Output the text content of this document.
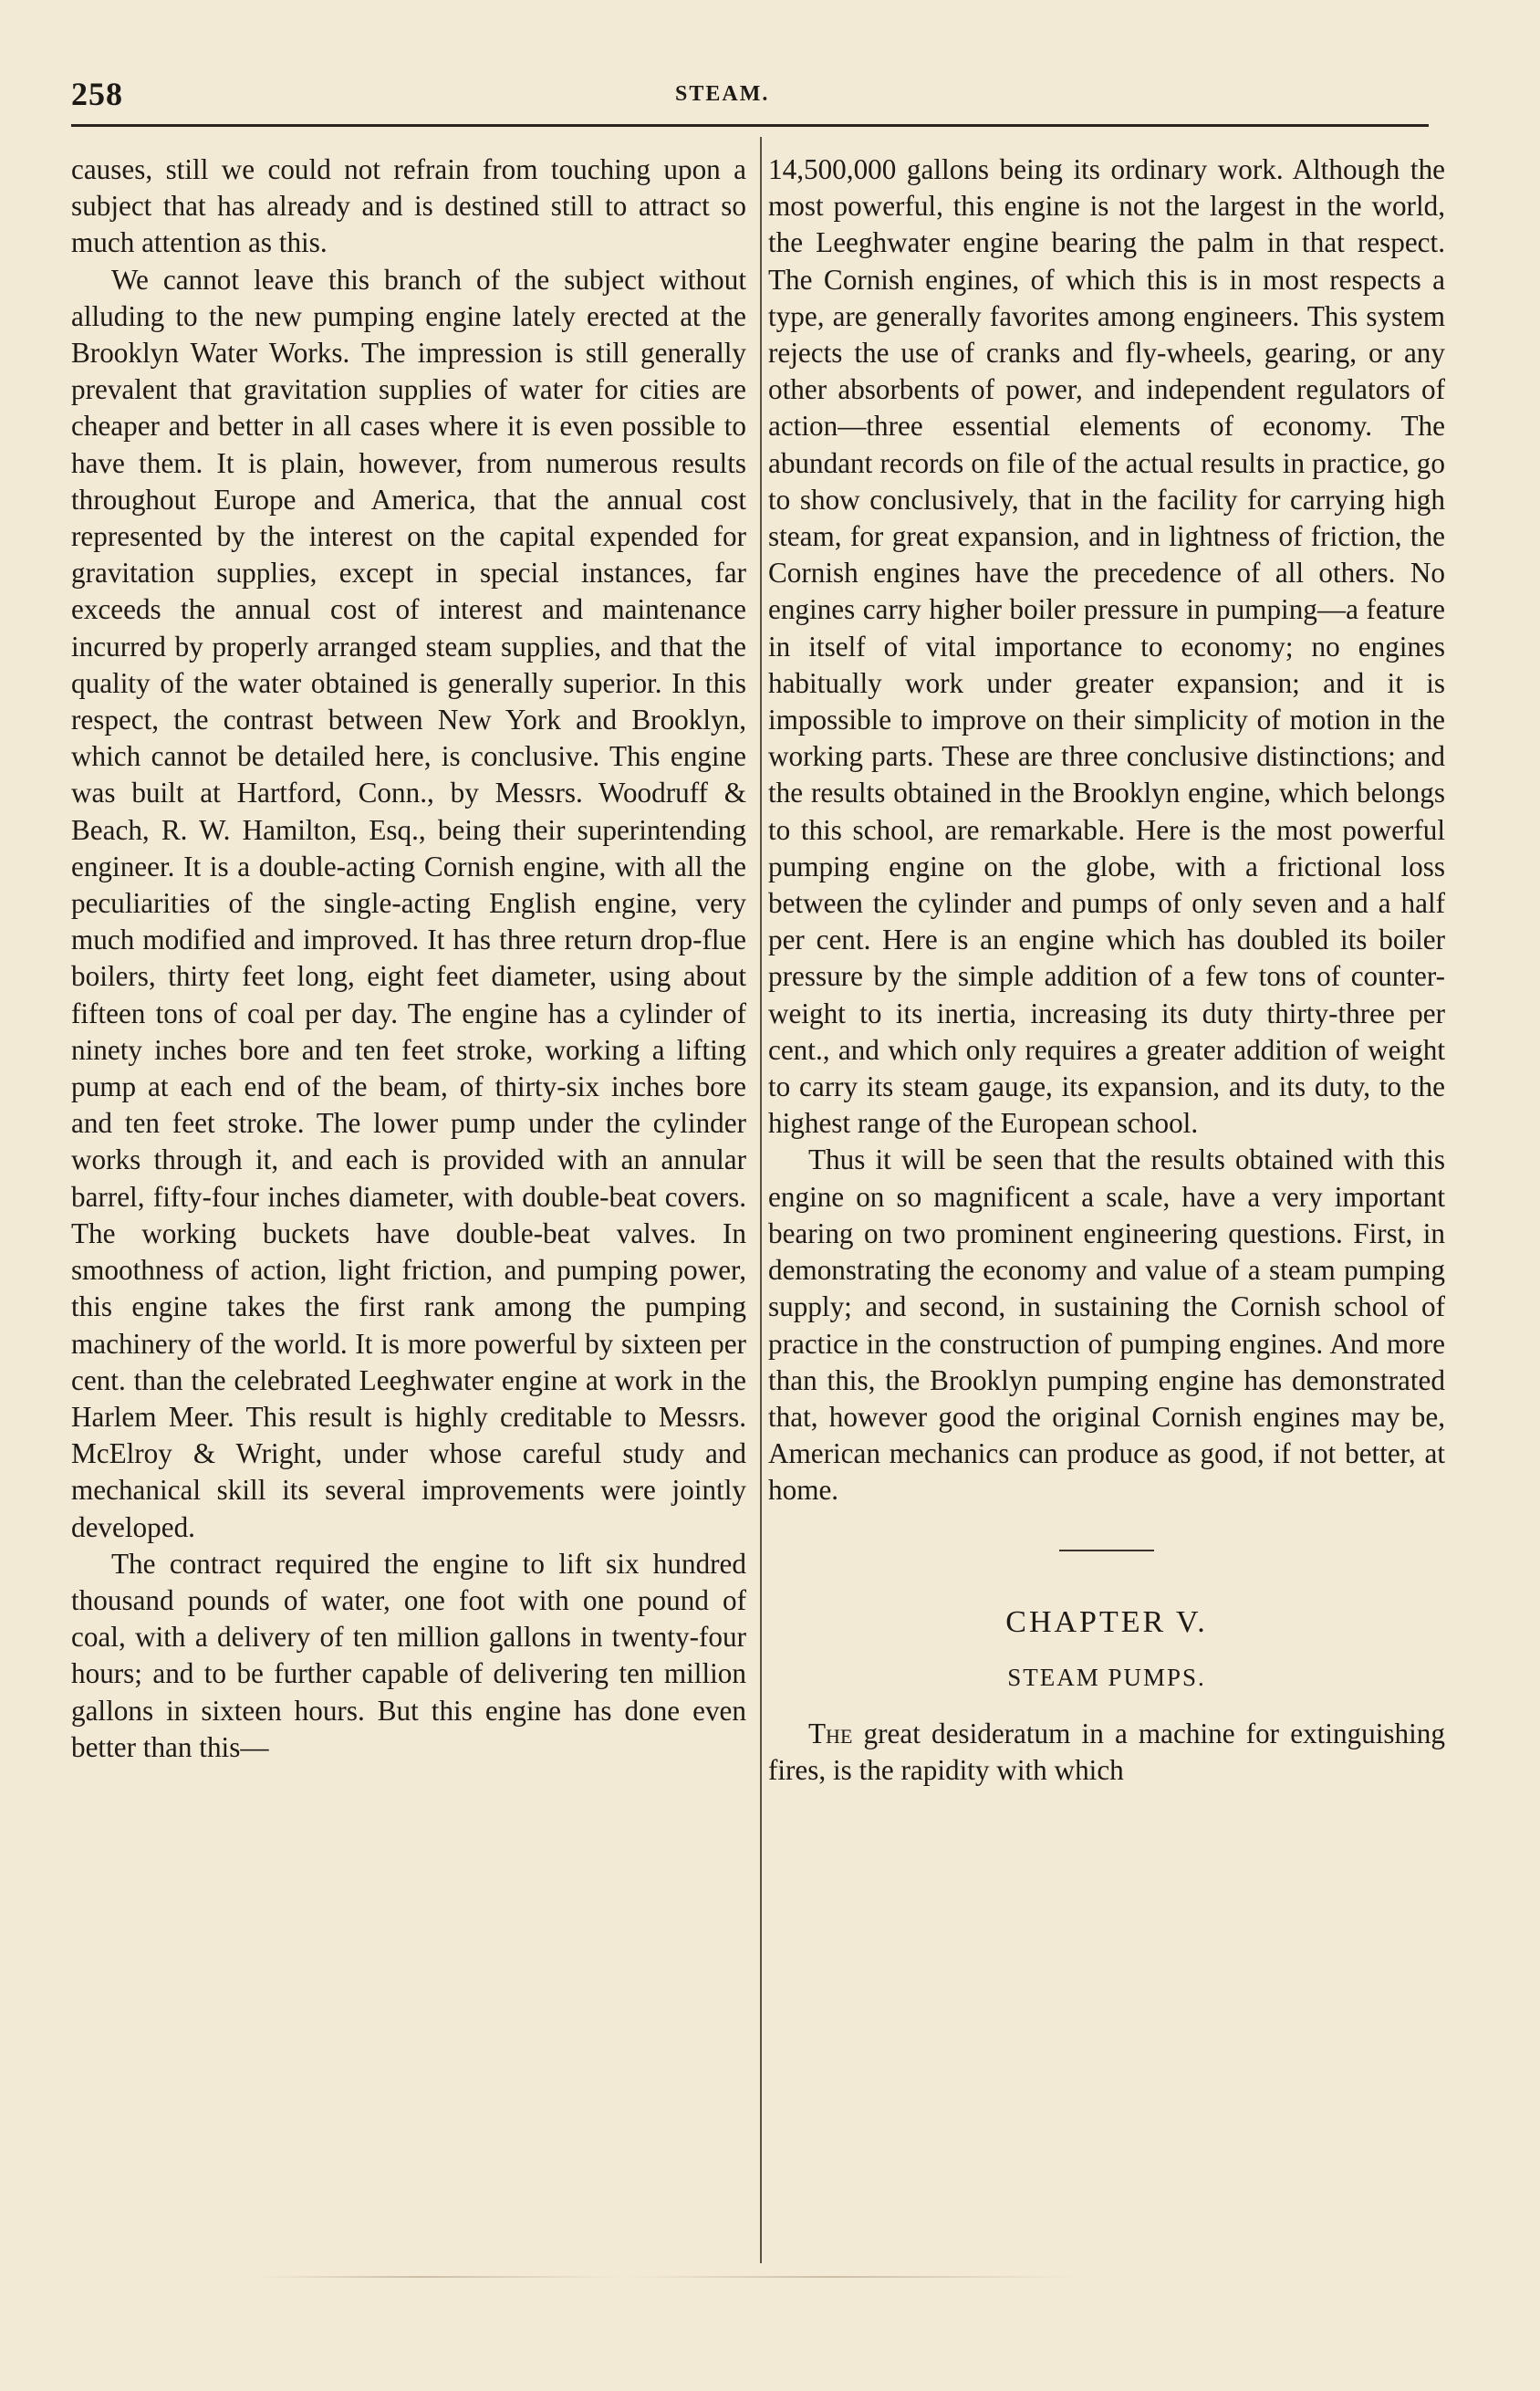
258	STEAM.

causes, still we could not refrain from touching upon a subject that has already and is destined still to attract so much attention as this.

We cannot leave this branch of the subject without alluding to the new pumping engine lately erected at the Brooklyn Water Works. The impression is still generally prevalent that gravitation supplies of water for cities are cheaper and better in all cases where it is even possible to have them. It is plain, however, from numerous results throughout Europe and America, that the annual cost represented by the interest on the capital expended for gravitation supplies, except in special instances, far exceeds the annual cost of interest and maintenance incurred by properly arranged steam supplies, and that the quality of the water obtained is generally superior. In this respect, the contrast between New York and Brooklyn, which cannot be detailed here, is conclusive. This engine was built at Hartford, Conn., by Messrs. Woodruff & Beach, R. W. Hamilton, Esq., being their superintending engineer. It is a double-acting Cornish engine, with all the peculiarities of the single-acting English engine, very much modified and improved. It has three return drop-flue boilers, thirty feet long, eight feet diameter, using about fifteen tons of coal per day. The engine has a cylinder of ninety inches bore and ten feet stroke, working a lifting pump at each end of the beam, of thirty-six inches bore and ten feet stroke. The lower pump under the cylinder works through it, and each is provided with an annular barrel, fifty-four inches diameter, with double-beat covers. The working buckets have double-beat valves. In smoothness of action, light friction, and pumping power, this engine takes the first rank among the pumping machinery of the world. It is more powerful by sixteen per cent. than the celebrated Leeghwater engine at work in the Harlem Meer. This result is highly creditable to Messrs. McElroy & Wright, under whose careful study and mechanical skill its several improvements were jointly developed.

The contract required the engine to lift six hundred thousand pounds of water, one foot with one pound of coal, with a delivery of ten million gallons in twenty-four hours; and to be further capable of delivering ten million gallons in sixteen hours. But this engine has done even better than this—

14,500,000 gallons being its ordinary work. Although the most powerful, this engine is not the largest in the world, the Leeghwater engine bearing the palm in that respect. The Cornish engines, of which this is in most respects a type, are generally favorites among engineers. This system rejects the use of cranks and fly-wheels, gearing, or any other absorbents of power, and independent regulators of action—three essential elements of economy. The abundant records on file of the actual results in practice, go to show conclusively, that in the facility for carrying high steam, for great expansion, and in lightness of friction, the Cornish engines have the precedence of all others. No engines carry higher boiler pressure in pumping—a feature in itself of vital importance to economy; no engines habitually work under greater expansion; and it is impossible to improve on their simplicity of motion in the working parts. These are three conclusive distinctions; and the results obtained in the Brooklyn engine, which belongs to this school, are remarkable. Here is the most powerful pumping engine on the globe, with a frictional loss between the cylinder and pumps of only seven and a half per cent. Here is an engine which has doubled its boiler pressure by the simple addition of a few tons of counter-weight to its inertia, increasing its duty thirty-three per cent., and which only requires a greater addition of weight to carry its steam gauge, its expansion, and its duty, to the highest range of the European school.

Thus it will be seen that the results obtained with this engine on so magnificent a scale, have a very important bearing on two prominent engineering questions. First, in demonstrating the economy and value of a steam pumping supply; and second, in sustaining the Cornish school of practice in the construction of pumping engines. And more than this, the Brooklyn pumping engine has demonstrated that, however good the original Cornish engines may be, American mechanics can produce as good, if not better, at home.

CHAPTER V.
STEAM PUMPS.

The great desideratum in a machine for extinguishing fires, is the rapidity with which
